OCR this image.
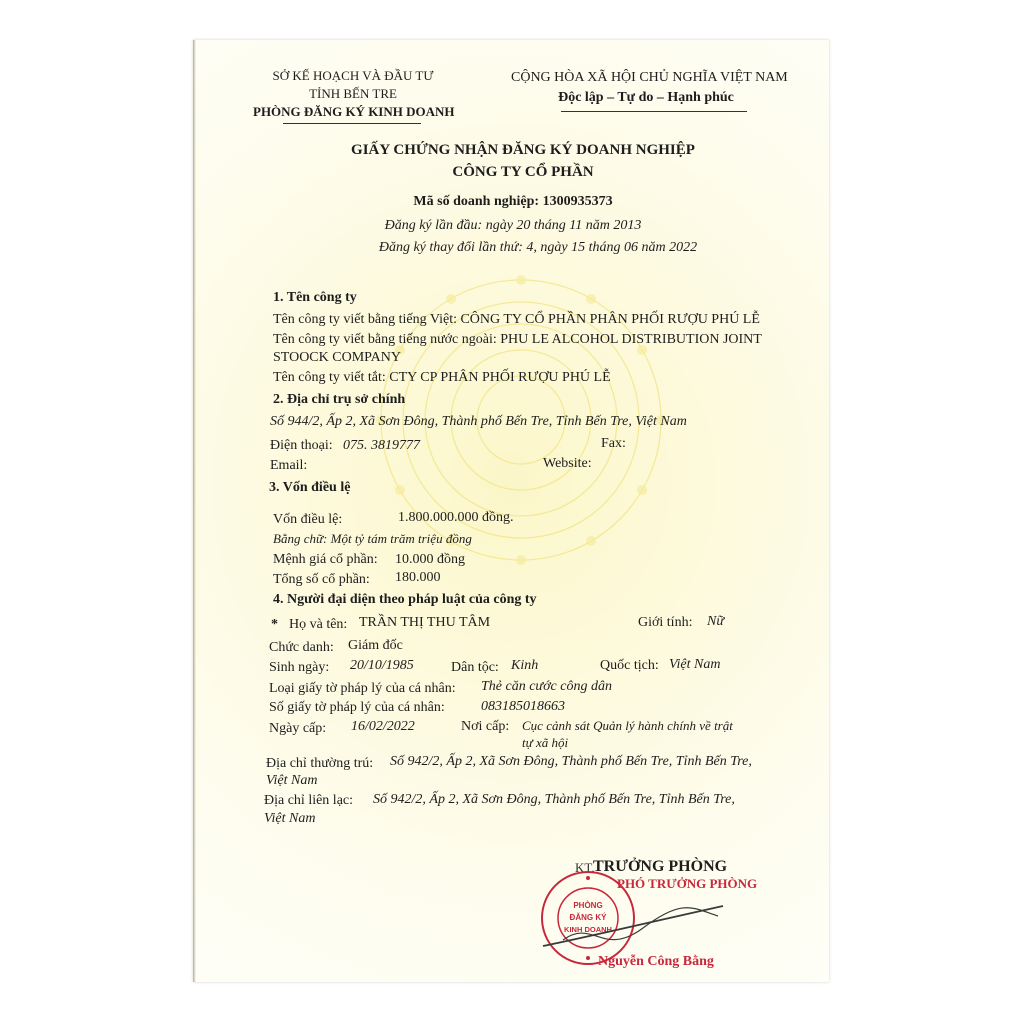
SỞ KẾ HOẠCH VÀ ĐẦU TƯ
TỈNH BẾN TRE
PHÒNG ĐĂNG KÝ KINH DOANH
CỘNG HÒA XÃ HỘI CHỦ NGHĨA VIỆT NAM
Độc lập – Tự do – Hạnh phúc
GIẤY CHỨNG NHẬN ĐĂNG KÝ DOANH NGHIỆP
CÔNG TY CỔ PHẦN
Mã số doanh nghiệp: 1300935373
Đăng ký lần đầu: ngày 20 tháng 11 năm 2013
Đăng ký thay đổi lần thứ: 4, ngày 15 tháng 06 năm 2022
1. Tên công ty
Tên công ty viết bằng tiếng Việt: CÔNG TY CỔ PHẦN PHÂN PHỐI RƯỢU PHÚ LỄ
Tên công ty viết bằng tiếng nước ngoài: PHU LE ALCOHOL DISTRIBUTION JOINT
STOOCK COMPANY
Tên công ty viết tắt: CTY CP PHÂN PHỐI RƯỢU PHÚ LỄ
2. Địa chỉ trụ sở chính
Số 944/2, Ấp 2, Xã Sơn Đông, Thành phố Bến Tre, Tỉnh Bến Tre, Việt Nam
Điện thoại: 075. 3819777	Fax:
Email:	Website:
3. Vốn điều lệ
Vốn điều lệ:	1.800.000.000 đồng.
Bằng chữ: Một tỷ tám trăm triệu đồng
Mệnh giá cổ phần: 10.000 đồng
Tổng số cổ phần: 180.000
4. Người đại diện theo pháp luật của công ty
* Họ và tên: TRẦN THỊ THU TÂM	Giới tính: Nữ
Chức danh: Giám đốc
Sinh ngày: 20/10/1985	Dân tộc: Kinh	Quốc tịch: Việt Nam
Loại giấy tờ pháp lý của cá nhân: Thẻ căn cước công dân
Số giấy tờ pháp lý của cá nhân:	083185018663
Ngày cấp: 16/02/2022	Nơi cấp: Cục cảnh sát Quản lý hành chính về trật
tự xã hội
Địa chỉ thường trú: Số 942/2, Ấp 2, Xã Sơn Đông, Thành phố Bến Tre, Tỉnh Bến Tre,
Việt Nam
Địa chỉ liên lạc: Số 942/2, Ấp 2, Xã Sơn Đông, Thành phố Bến Tre, Tỉnh Bến Tre,
Việt Nam
KT.
TRƯỞNG PHÒNG
PHÓ TRƯỞNG PHÒNG
PHÒNG
ĐĂNG KÝ
KINH DOANH
Nguyễn Công Bằng
